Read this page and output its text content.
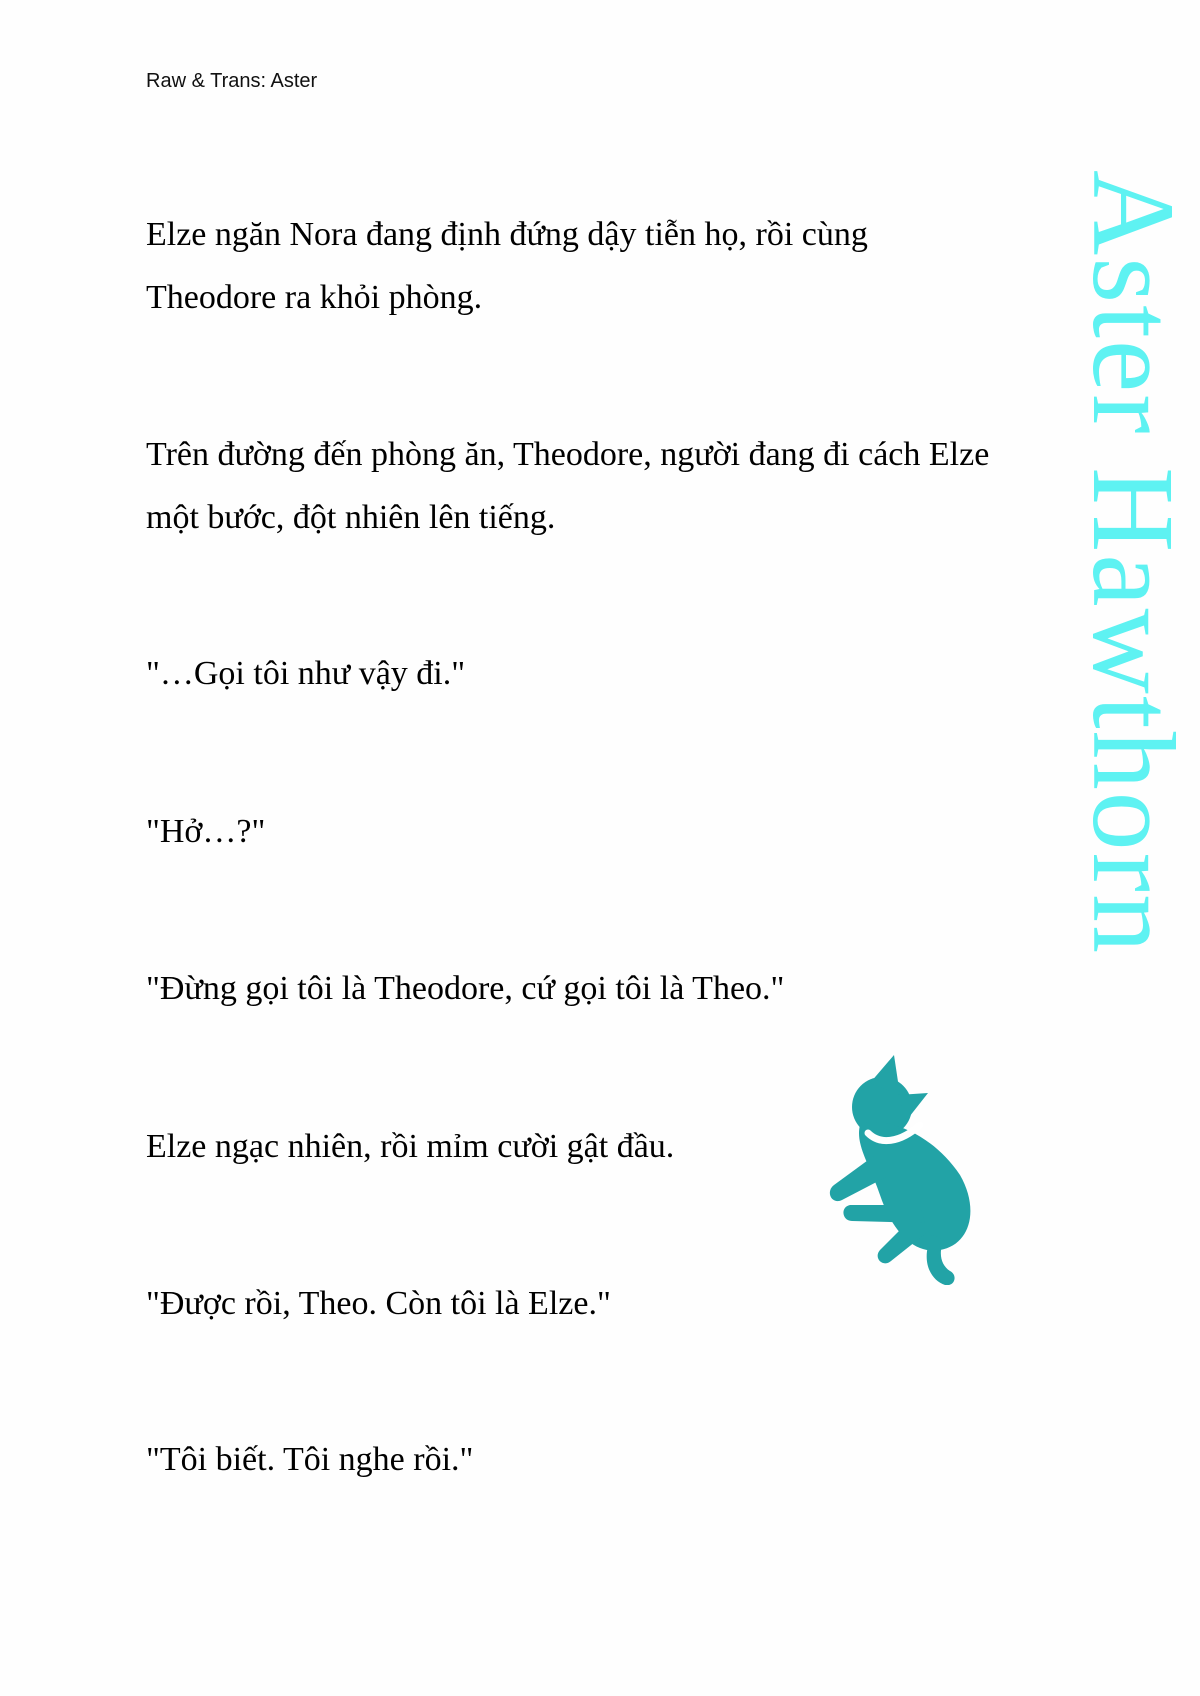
Raw & Trans: Aster
Elze ngăn Nora đang định đứng dậy tiễn họ, rồi cùng
Theodore ra khỏi phòng.
Trên đường đến phòng ăn, Theodore, người đang đi cách Elze
một bước, đột nhiên lên tiếng.
"…Gọi tôi như vậy đi."
"Hở…?"
"Đừng gọi tôi là Theodore, cứ gọi tôi là Theo."
Elze ngạc nhiên, rồi mỉm cười gật đầu.
"Được rồi, Theo. Còn tôi là Elze."
"Tôi biết. Tôi nghe rồi."
Aster Hawthorn
